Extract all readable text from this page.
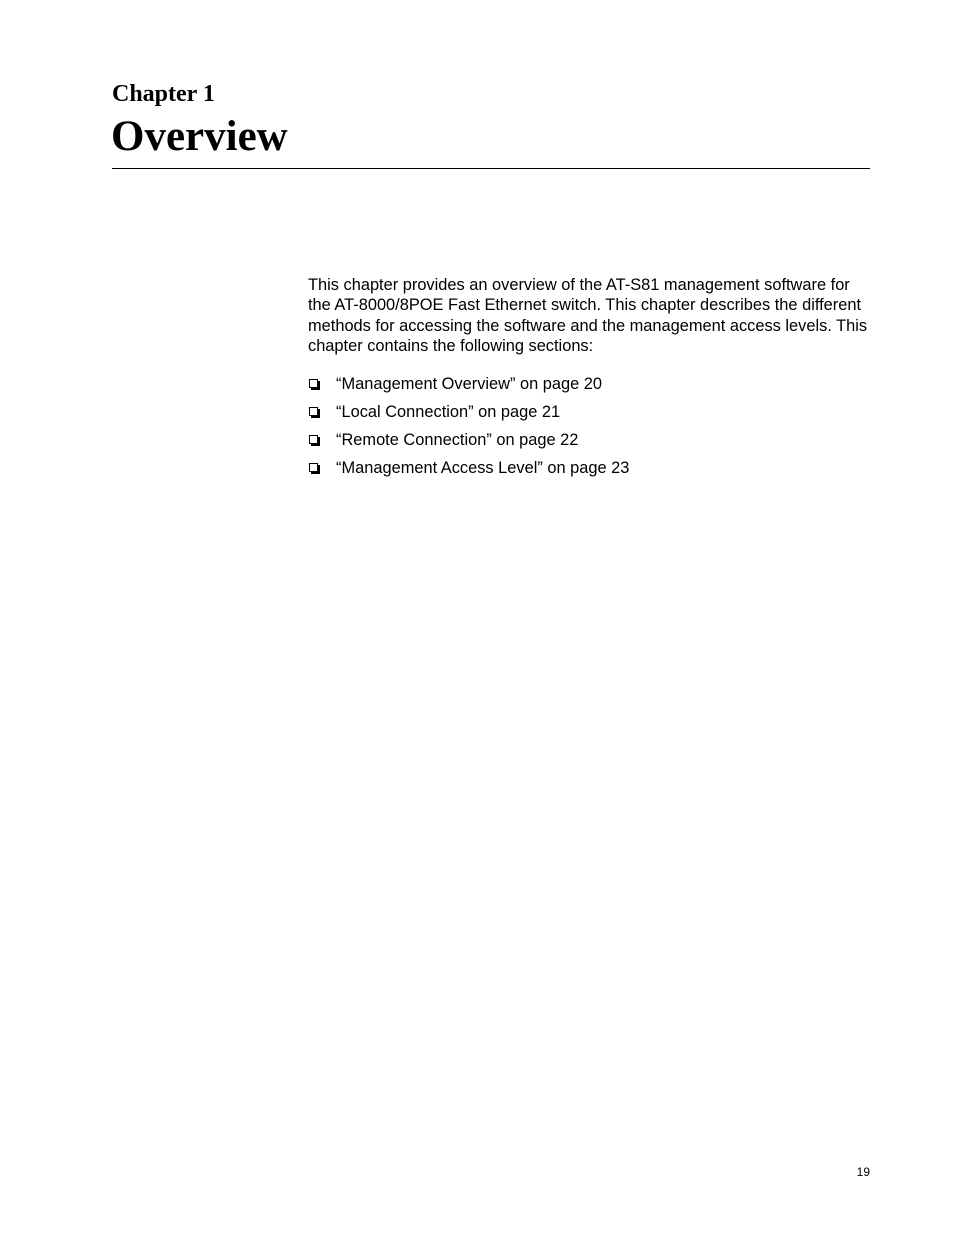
Chapter 1
Overview

This chapter provides an overview of the AT-S81 management software for the AT-8000/8POE Fast Ethernet switch. This chapter describes the different methods for accessing the software and the management access levels. This chapter contains the following sections:

“Management Overview” on page 20
“Local Connection” on page 21
“Remote Connection” on page 22
“Management Access Level” on page 23
19
